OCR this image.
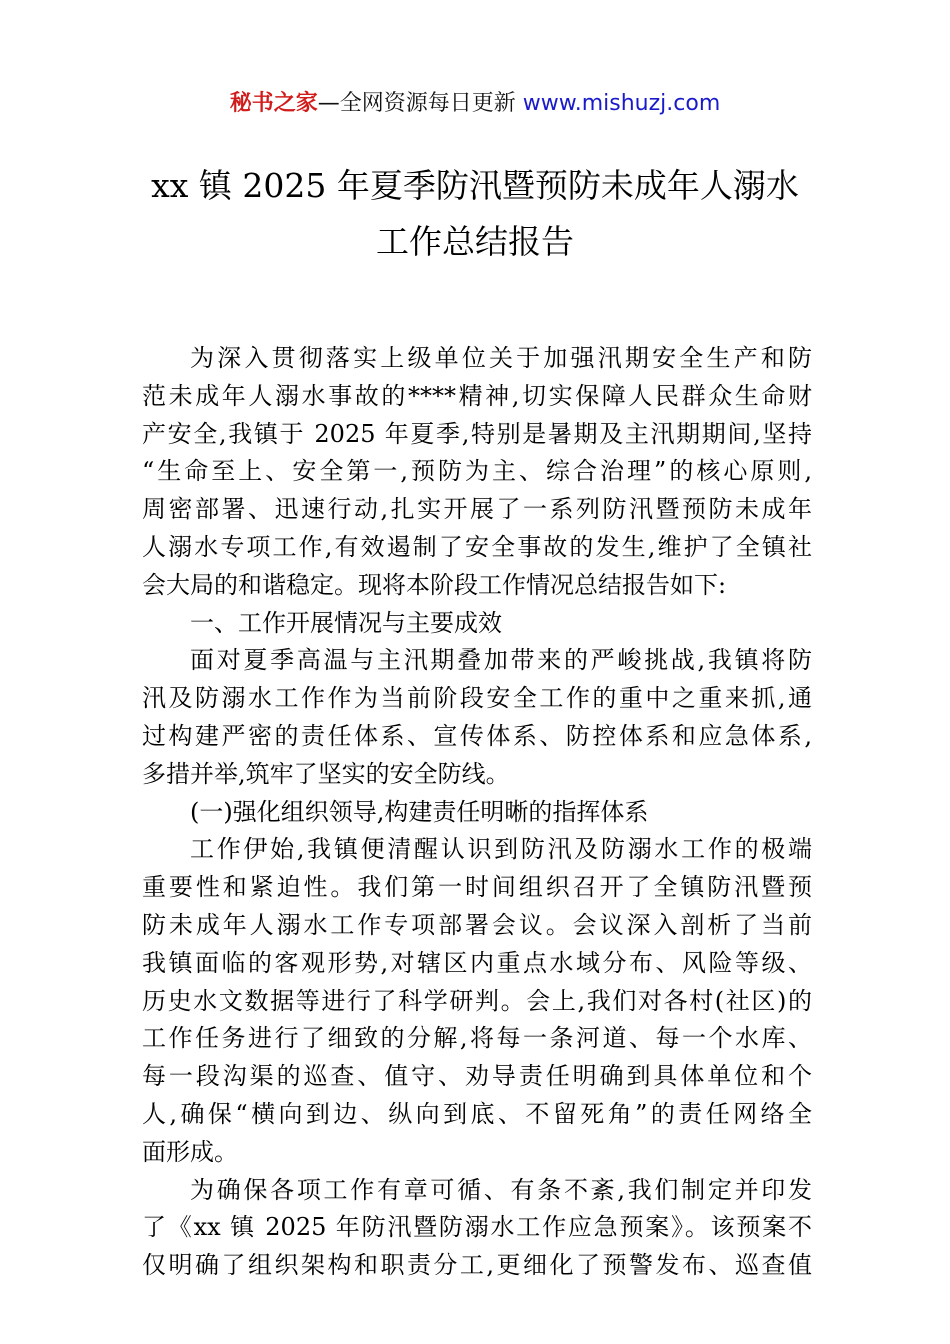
秘书之家—全网资源每日更新 www.mishuzj.com
xx 镇 2025 年夏季防汛暨预防未成年人溺水
工作总结报告
为深入贯彻落实上级单位关于加强汛期安全生产和防
范未成年人溺水事故的****精神,切实保障人民群众生命财
产安全,我镇于 2025 年夏季,特别是暑期及主汛期期间,坚持
“生命至上、安全第一,预防为主、综合治理”的核心原则,
周密部署、迅速行动,扎实开展了一系列防汛暨预防未成年
人溺水专项工作,有效遏制了安全事故的发生,维护了全镇社
会大局的和谐稳定。现将本阶段工作情况总结报告如下:
一、工作开展情况与主要成效
面对夏季高温与主汛期叠加带来的严峻挑战,我镇将防
汛及防溺水工作作为当前阶段安全工作的重中之重来抓,通
过构建严密的责任体系、宣传体系、防控体系和应急体系,
多措并举,筑牢了坚实的安全防线。
(一)强化组织领导,构建责任明晰的指挥体系
工作伊始,我镇便清醒认识到防汛及防溺水工作的极端
重要性和紧迫性。我们第一时间组织召开了全镇防汛暨预
防未成年人溺水工作专项部署会议。会议深入剖析了当前
我镇面临的客观形势,对辖区内重点水域分布、风险等级、
历史水文数据等进行了科学研判。会上,我们对各村(社区)的
工作任务进行了细致的分解,将每一条河道、每一个水库、
每一段沟渠的巡查、值守、劝导责任明确到具体单位和个
人,确保“横向到边、纵向到底、不留死角”的责任网络全
面形成。
为确保各项工作有章可循、有条不紊,我们制定并印发
了《xx 镇 2025 年防汛暨防溺水工作应急预案》。该预案不
仅明确了组织架构和职责分工,更细化了预警发布、巡查值
